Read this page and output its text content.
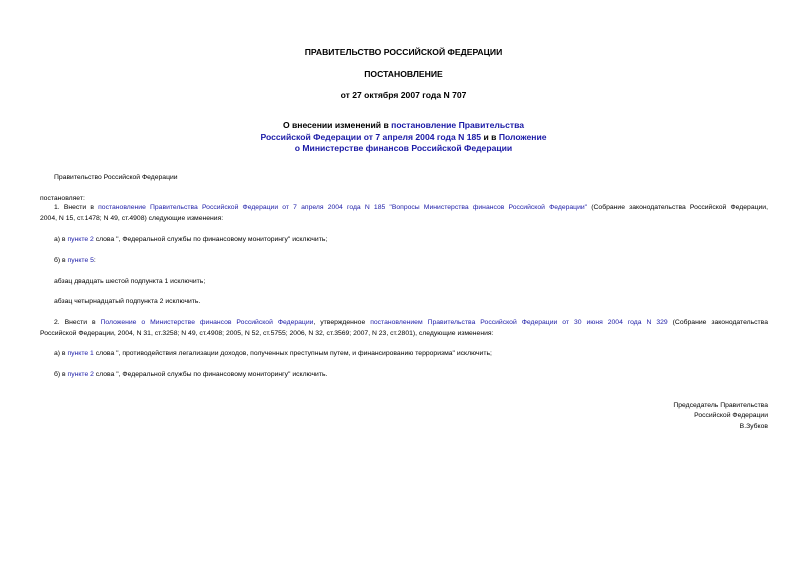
ПРАВИТЕЛЬСТВО РОССИЙСКОЙ ФЕДЕРАЦИИ
ПОСТАНОВЛЕНИЕ
от 27 октября 2007 года N 707
О внесении изменений в постановление Правительства
Российской Федерации от 7 апреля 2004 года N 185 и в Положение
о Министерстве финансов Российской Федерации
Правительство Российской Федерации
постановляет:
1. Внести в постановление Правительства Российской Федерации от 7 апреля 2004 года N 185 "Вопросы Министерства финансов Российской Федерации" (Собрание законодательства Российской Федерации,
2004, N 15, ст.1478; N 49, ст.4908) следующие изменения:
а) в пункте 2 слова ", Федеральной службы по финансовому мониторингу" исключить;
б) в пункте 5:
абзац двадцать шестой подпункта 1 исключить;
абзац четырнадцатый подпункта 2 исключить.
2. Внести в Положение о Министерстве финансов Российской Федерации, утвержденное постановлением Правительства Российской Федерации от 30 июня 2004 года N 329 (Собрание законодательства
Российской Федерации, 2004, N 31, ст.3258; N 49, ст.4908; 2005, N 52, ст.5755; 2006, N 32, ст.3569; 2007, N 23, ст.2801), следующие изменения:
а) в пункте 1 слова ", противодействия легализации доходов, полученных преступным путем, и финансированию терроризма" исключить;
б) в пункте 2 слова ", Федеральной службы по финансовому мониторингу" исключить.
Председатель Правительства
Российской Федерации
В.Зубков
